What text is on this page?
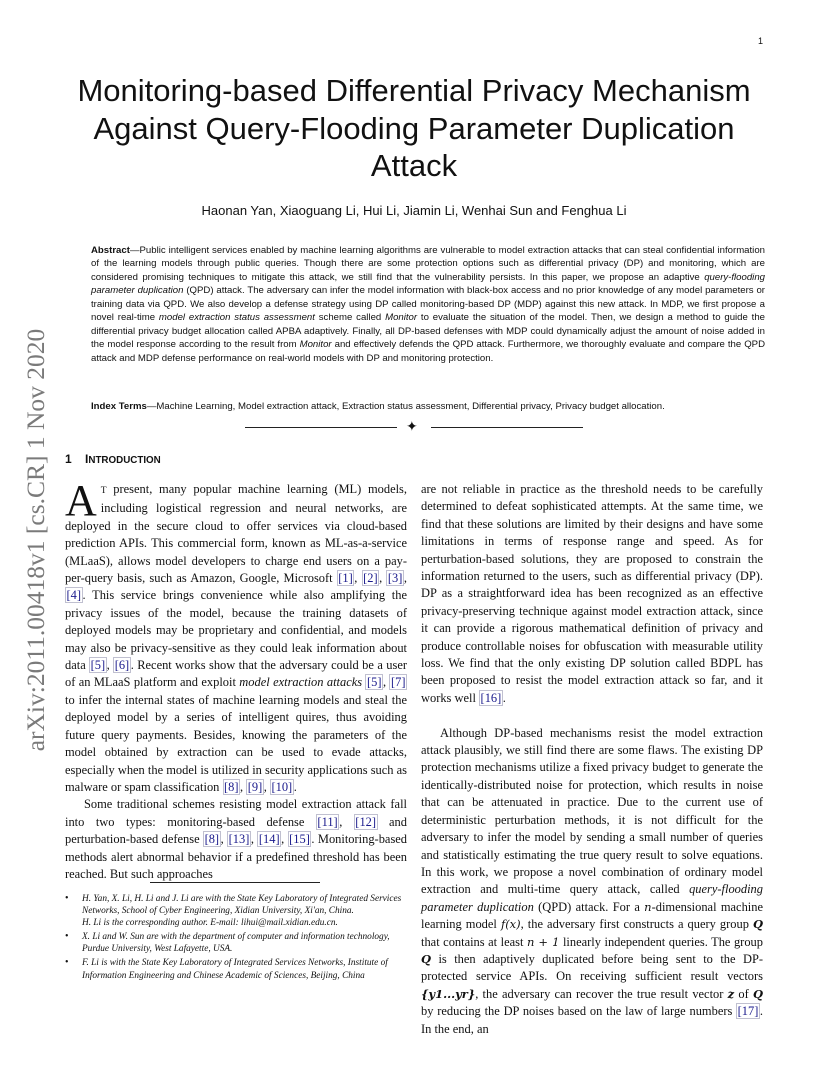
1
arXiv:2011.00418v1 [cs.CR] 1 Nov 2020
Monitoring-based Differential Privacy Mechanism Against Query-Flooding Parameter Duplication Attack
Haonan Yan, Xiaoguang Li, Hui Li, Jiamin Li, Wenhai Sun and Fenghua Li
Abstract—Public intelligent services enabled by machine learning algorithms are vulnerable to model extraction attacks that can steal confidential information of the learning models through public queries. Though there are some protection options such as differential privacy (DP) and monitoring, which are considered promising techniques to mitigate this attack, we still find that the vulnerability persists. In this paper, we propose an adaptive query-flooding parameter duplication (QPD) attack. The adversary can infer the model information with black-box access and no prior knowledge of any model parameters or training data via QPD. We also develop a defense strategy using DP called monitoring-based DP (MDP) against this new attack. In MDP, we first propose a novel real-time model extraction status assessment scheme called Monitor to evaluate the situation of the model. Then, we design a method to guide the differential privacy budget allocation called APBA adaptively. Finally, all DP-based defenses with MDP could dynamically adjust the amount of noise added in the model response according to the result from Monitor and effectively defends the QPD attack. Furthermore, we thoroughly evaluate and compare the QPD attack and MDP defense performance on real-world models with DP and monitoring protection.
Index Terms—Machine Learning, Model extraction attack, Extraction status assessment, Differential privacy, Privacy budget allocation.
✦
1 INTRODUCTION

A T present, many popular machine learning (ML) models, including logistical regression and neural networks, are deployed in the secure cloud to offer services via cloud-based prediction APIs. This commercial form, known as ML-as-a-service (MLaaS), allows model developers to charge end users on a pay-per-query basis, such as Amazon, Google, Microsoft [1] , [2] , [3] , [4] . This service brings convenience while also amplifying the privacy issues of the model, because the training datasets of deployed models may be proprietary and confidential, and models may also be privacy-sensitive as they could leak information about data [5] , [6] . Recent works show that the adversary could be a user of an MLaaS platform and exploit model extraction attacks [5] , [7] to infer the internal states of machine learning models and steal the deployed model by a series of intelligent quires, thus avoiding future query payments. Besides, knowing the parameters of the model obtained by extraction can be used to evade attacks, especially when the model is utilized in security applications such as malware or spam classification [8] , [9] , [10] .

Some traditional schemes resisting model extraction attack fall into two types: monitoring-based defense [11] , [12] and perturbation-based defense [8] , [13] , [14] , [15] . Monitoring-based methods alert abnormal behavior if a predefined threshold has been reached. But such approaches

are not reliable in practice as the threshold needs to be carefully determined to defeat sophisticated attempts. At the same time, we find that these solutions are limited by their designs and have some limitations in terms of response range and speed. As for perturbation-based solutions, they are proposed to constrain the information returned to the users, such as differential privacy (DP). DP as a straightforward idea has been recognized as an effective privacy-preserving technique against model extraction attack, since it can provide a rigorous mathematical definition of privacy and produce controllable noises for obfuscation with measurable utility loss. We find that the only existing DP solution called BDPL has been proposed to resist the model extraction attack so far, and it works well [16] .

Although DP-based mechanisms resist the model extraction attack plausibly, we still find there are some flaws. The existing DP protection mechanisms utilize a fixed privacy budget to generate the identically-distributed noise for protection, which results in noise that can be attenuated in practice. Due to the current use of deterministic perturbation methods, it is not difficult for the adversary to infer the model by sending a small number of queries and statistically estimating the true query result to solve equations. In this work, we propose a novel combination of ordinary model extraction and multi-time query attack, called query-flooding parameter duplication (QPD) attack. For a n-dimensional machine learning model f(x), the adversary first constructs a query group Q that contains at least n + 1 linearly independent queries. The group Q is then adaptively duplicated before being sent to the DP-protected service APIs. On receiving sufficient result vectors {y1...yr}, the adversary can recover the true result vector z of Q by reducing the DP noises based on the law of large numbers [17] . In the end, an

• H. Yan, X. Li, H. Li and J. Li are with the State Key Laboratory of Integrated Services Networks, School of Cyber Engineering, Xidian University, Xi'an, China.
H. Li is the corresponding author. E-mail: lihui@mail.xidian.edu.cn.
• X. Li and W. Sun are with the department of computer and information technology, Purdue University, West Lafayette, USA.
• F. Li is with the State Key Laboratory of Integrated Services Networks, Institute of Information Engineering and Chinese Academic of Sciences, Beijing, China
